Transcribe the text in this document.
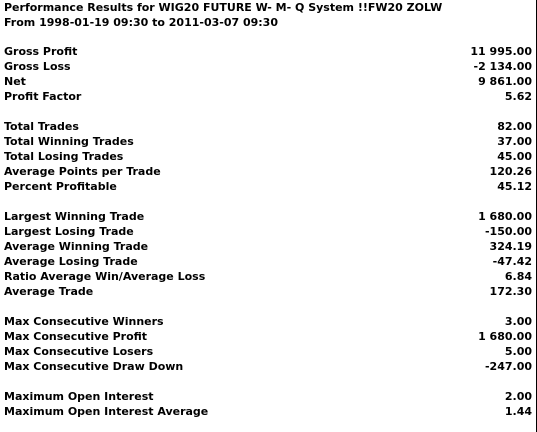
Performance Results for WIG20 FUTURE W- M- Q System !!FW20 ZOLW
From 1998-01-19 09:30 to 2011-03-07 09:30
Gross Profit	11 995.00
Gross Loss	-2 134.00
Net	9 861.00
Profit Factor	5.62
Total Trades	82.00
Total Winning Trades	37.00
Total Losing Trades	45.00
Average Points per Trade	120.26
Percent Profitable	45.12
Largest Winning Trade	1 680.00
Largest Losing Trade	-150.00
Average Winning Trade	324.19
Average Losing Trade	-47.42
Ratio Average Win/Average Loss	6.84
Average Trade	172.30
Max Consecutive Winners	3.00
Max Consecutive Profit	1 680.00
Max Consecutive Losers	5.00
Max Consecutive Draw Down	-247.00
Maximum Open Interest	2.00
Maximum Open Interest Average	1.44
